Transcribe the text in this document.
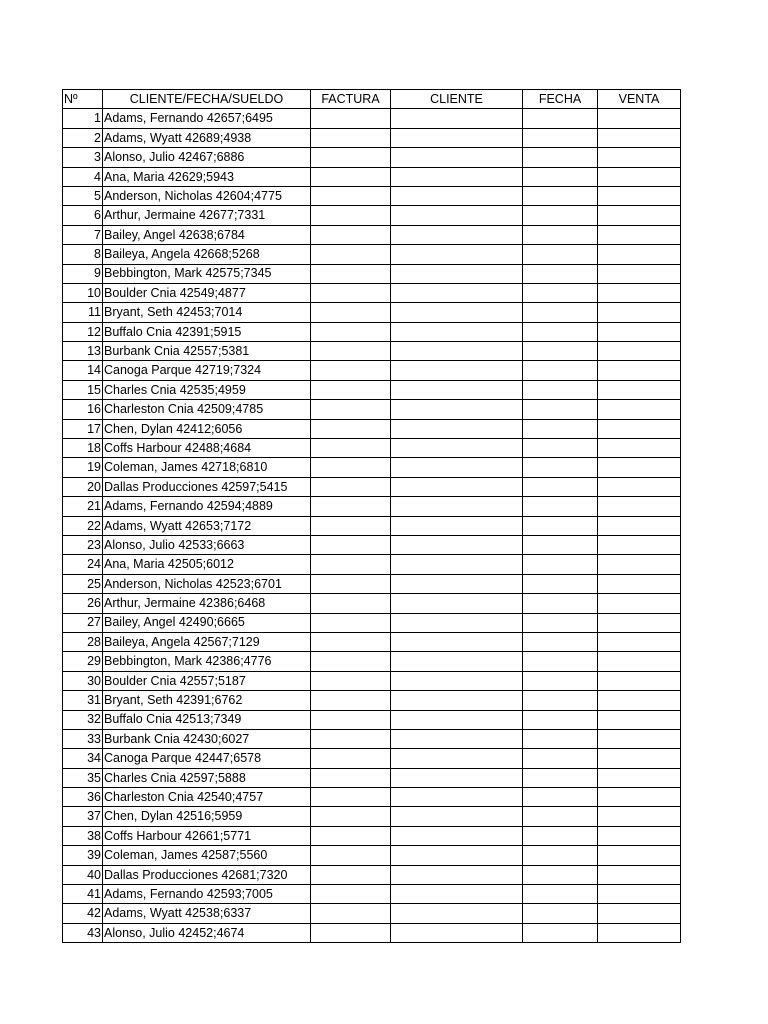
Nº	CLIENTE/FECHA/SUELDO	FACTURA	CLIENTE	FECHA	VENTA
1	Adams, Fernando 42657;6495				
2	Adams, Wyatt 42689;4938				
3	Alonso, Julio 42467;6886				
4	Ana, Maria 42629;5943				
5	Anderson, Nicholas 42604;4775				
6	Arthur, Jermaine 42677;7331				
7	Bailey, Angel 42638;6784				
8	Baileya, Angela 42668;5268				
9	Bebbington, Mark 42575;7345				
10	Boulder Cnia 42549;4877				
11	Bryant, Seth 42453;7014				
12	Buffalo Cnia 42391;5915				
13	Burbank Cnia 42557;5381				
14	Canoga Parque 42719;7324				
15	Charles Cnia 42535;4959				
16	Charleston Cnia 42509;4785				
17	Chen, Dylan 42412;6056				
18	Coffs Harbour 42488;4684				
19	Coleman, James 42718;6810				
20	Dallas Producciones 42597;5415				
21	Adams, Fernando 42594;4889				
22	Adams, Wyatt 42653;7172				
23	Alonso, Julio 42533;6663				
24	Ana, Maria 42505;6012				
25	Anderson, Nicholas 42523;6701				
26	Arthur, Jermaine 42386;6468				
27	Bailey, Angel 42490;6665				
28	Baileya, Angela 42567;7129				
29	Bebbington, Mark 42386;4776				
30	Boulder Cnia 42557;5187				
31	Bryant, Seth 42391;6762				
32	Buffalo Cnia 42513;7349				
33	Burbank Cnia 42430;6027				
34	Canoga Parque 42447;6578				
35	Charles Cnia 42597;5888				
36	Charleston Cnia 42540;4757				
37	Chen, Dylan 42516;5959				
38	Coffs Harbour 42661;5771				
39	Coleman, James 42587;5560				
40	Dallas Producciones 42681;7320				
41	Adams, Fernando 42593;7005				
42	Adams, Wyatt 42538;6337				
43	Alonso, Julio 42452;4674				
